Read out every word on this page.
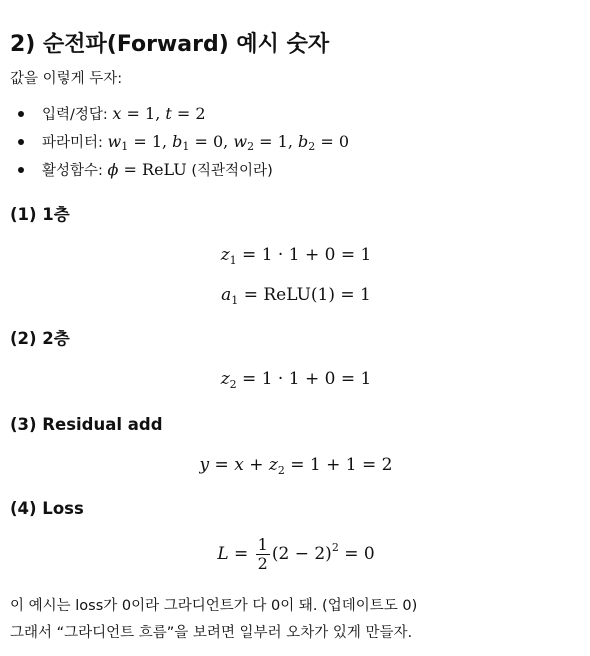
2) 순전파(Forward) 예시 숫자
값을 이렇게 두자:
입력/정답: x = 1, t = 2
파라미터: $w_1 = 1$, $b_1 = 0$, $w_2 = 1$, $b_2 = 0$
활성함수: ϕ = ReLU (직관적이라)
(1) 1층
$z_1 = 1 \cdot 1 + 0 = 1$
$a_1$ = ReLU(1) = 1
(2) 2층
$z_2 = 1 \cdot 1 + 0 = 1$
(3) Residual add
$y = x + z_2 = 1 + 1 = 2$
(4) Loss
$L = \frac{1}{2} (2 - 2)^2 = 0$
이 예시는 loss가 0이라 그라디언트가 다 0이 돼. (업데이트도 0)
그래서 “그라디언트 흐름”을 보려면 일부러 오차가 있게 만들자.
